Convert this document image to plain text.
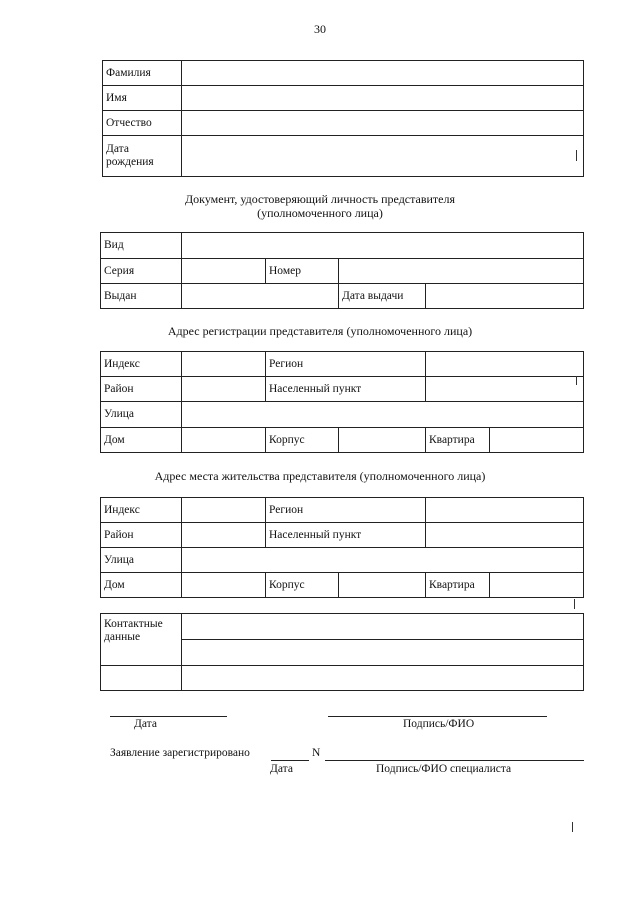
30
Фамилия	
Имя	
Отчество	
Дата
рождения	
Документ, удостоверяющий личность представителя
(уполномоченного лица)
Вид				
Серия		Номер		
Выдан			Дата выдачи	
Адрес регистрации представителя (уполномоченного лица)
Индекс		Регион			
Район		Населенный пункт			
Улица					
Дом		Корпус		Квартира	
Адрес места жительства представителя (уполномоченного лица)
Индекс		Регион			
Район		Населенный пункт			
Улица					
Дом		Корпус		Квартира	
Контактные
данные	

Дата	Подпись/ФИО
Заявление зарегистрировано	N
Дата	Подпись/ФИО специалиста
